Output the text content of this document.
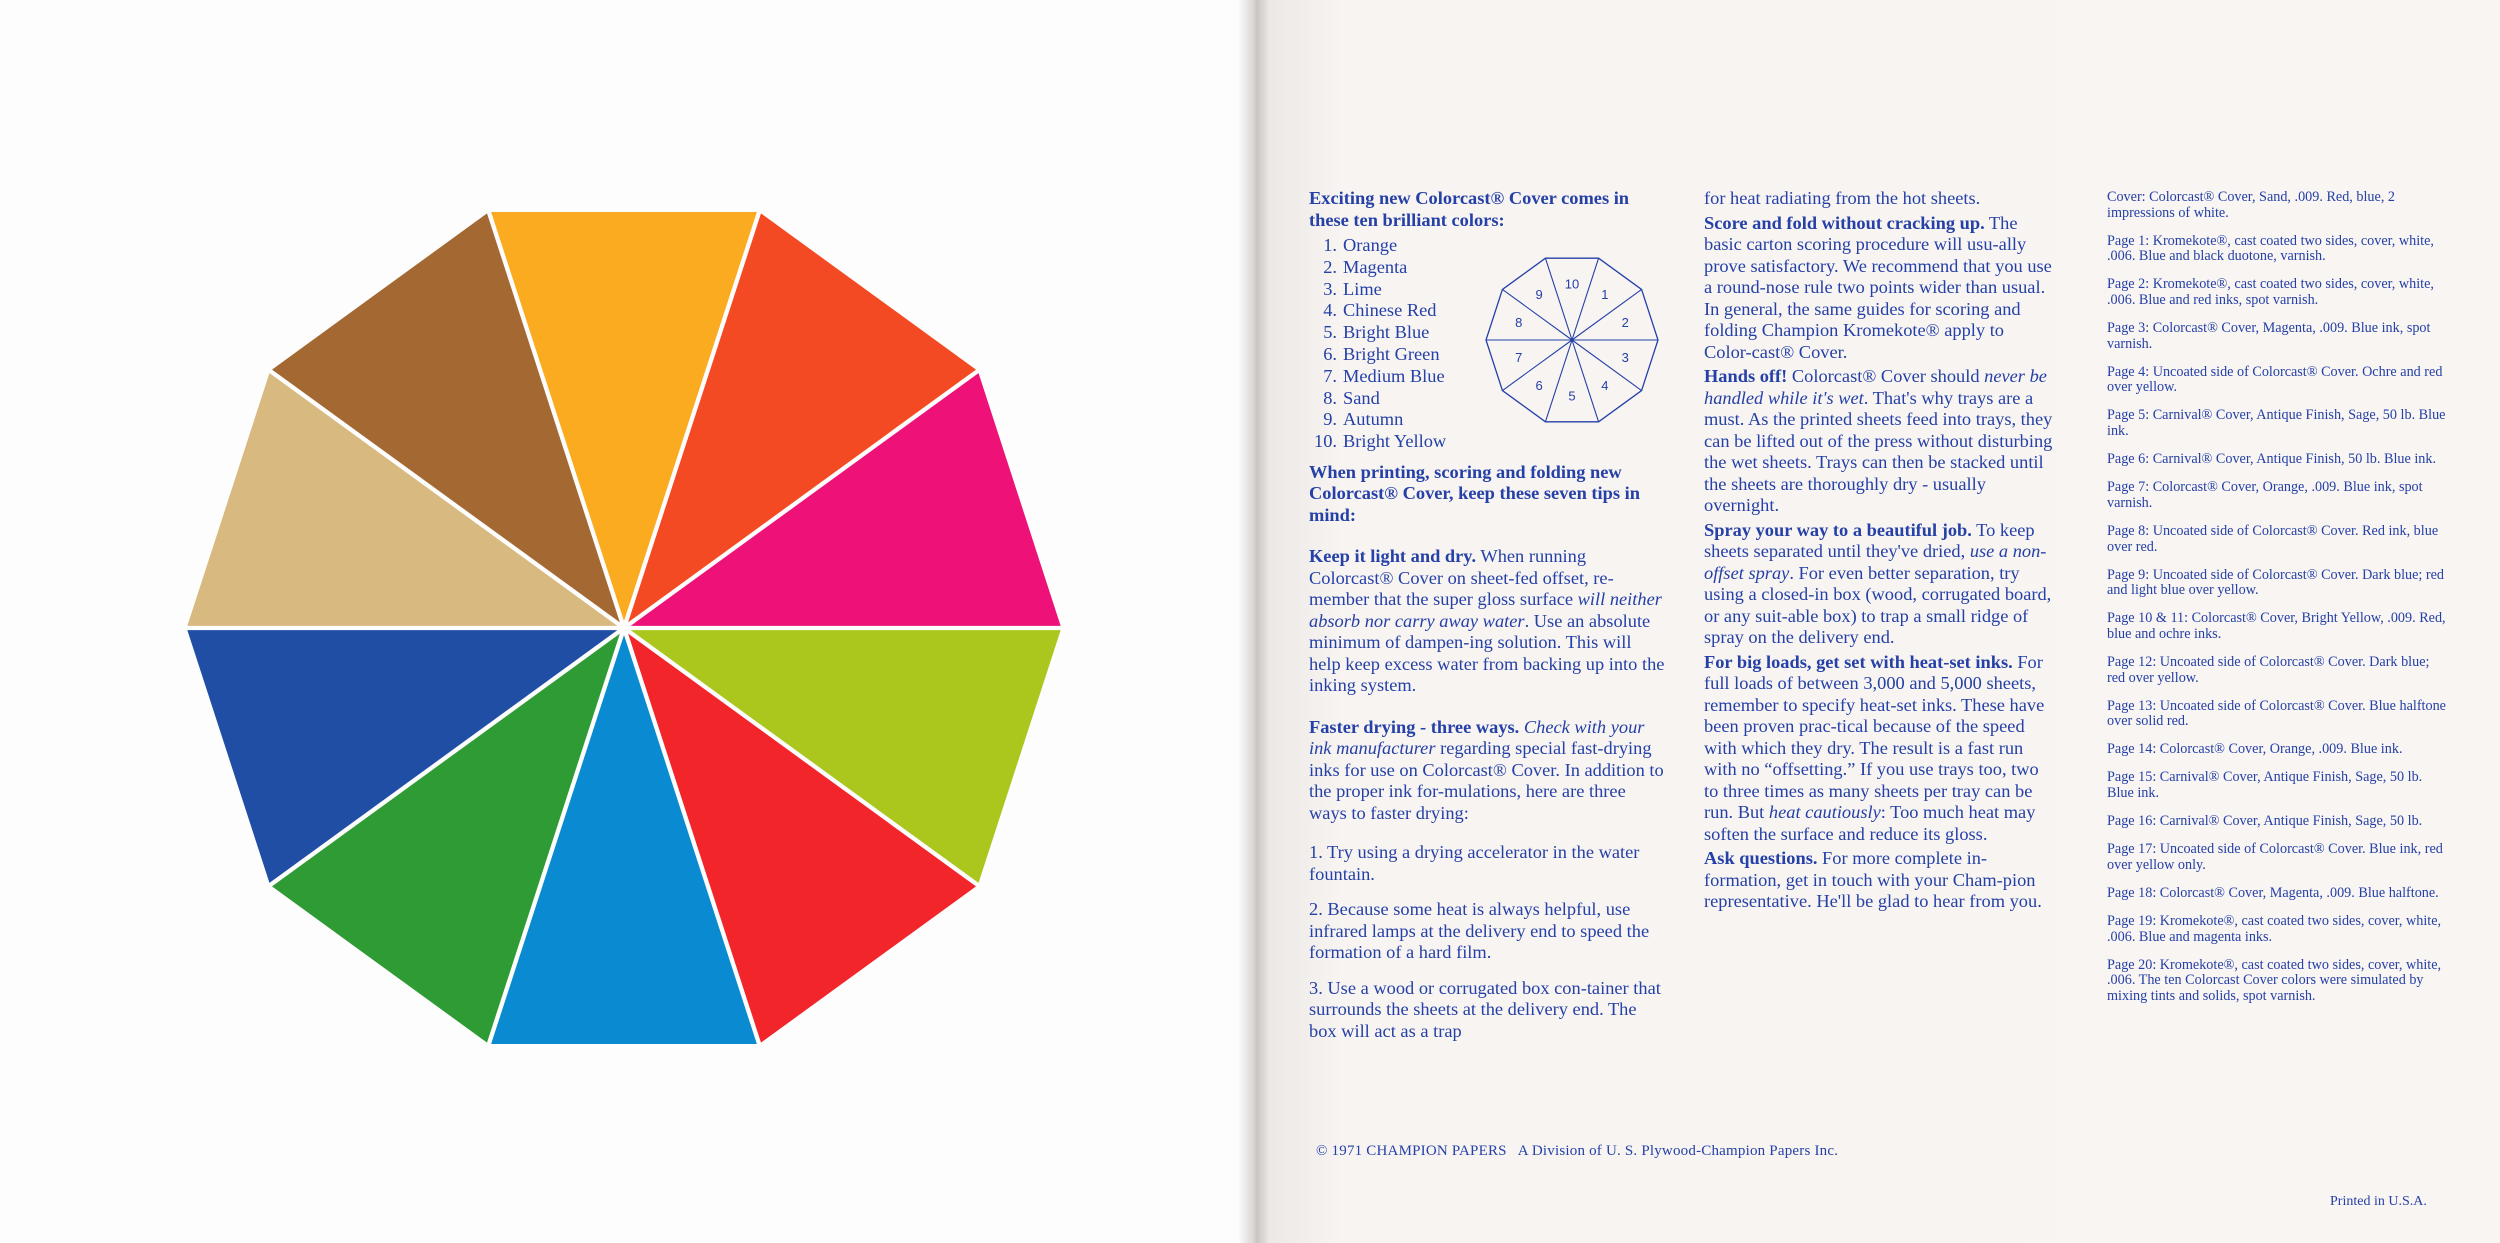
Exciting new Colorcast® Cover comes in these ten brilliant colors:

1. Orange
2. Magenta
3. Lime
4. Chinese Red
5. Bright Blue
6. Bright Green
7. Medium Blue
8. Sand
9. Autumn
10. Bright Yellow

When printing, scoring and folding new Colorcast® Cover, keep these seven tips in mind:

Keep it light and dry. When running Colorcast® Cover on sheet-fed offset, re-member that the super gloss surface will neither absorb nor carry away water. Use an absolute minimum of dampen-ing solution. This will help keep excess water from backing up into the inking system.

Faster drying - three ways. Check with your ink manufacturer regarding special fast-drying inks for use on Colorcast® Cover. In addition to the proper ink for-mulations, here are three ways to faster drying:

1. Try using a drying accelerator in the water fountain.

2. Because some heat is always helpful, use infrared lamps at the delivery end to speed the formation of a hard film.

3. Use a wood or corrugated box con-tainer that surrounds the sheets at the delivery end. The box will act as a trap

1
2
3
4
5
6
7
8
9
10

for heat radiating from the hot sheets.

Score and fold without cracking up. The basic carton scoring procedure will usu-ally prove satisfactory. We recommend that you use a round-nose rule two points wider than usual. In general, the same guides for scoring and folding Champion Kromekote® apply to Color-cast® Cover.

Hands off! Colorcast® Cover should never be handled while it's wet. That's why trays are a must. As the printed sheets feed into trays, they can be lifted out of the press without disturbing the wet sheets. Trays can then be stacked until the sheets are thoroughly dry - usually overnight.

Spray your way to a beautiful job. To keep sheets separated until they've dried, use a non-offset spray. For even better separation, try using a closed-in box (wood, corrugated board, or any suit-able box) to trap a small ridge of spray on the delivery end.

For big loads, get set with heat-set inks. For full loads of between 3,000 and 5,000 sheets, remember to specify heat-set inks. These have been proven prac-tical because of the speed with which they dry. The result is a fast run with no “offsetting.” If you use trays too, two to three times as many sheets per tray can be run. But heat cautiously: Too much heat may soften the surface and reduce its gloss.

Ask questions. For more complete in-formation, get in touch with your Cham-pion representative. He'll be glad to hear from you.

Cover: Colorcast® Cover, Sand, .009. Red, blue, 2 impressions of white.

Page 1: Kromekote®, cast coated two sides, cover, white, .006. Blue and black duotone, varnish.

Page 2: Kromekote®, cast coated two sides, cover, white, .006. Blue and red inks, spot varnish.

Page 3: Colorcast® Cover, Magenta, .009. Blue ink, spot varnish.

Page 4: Uncoated side of Colorcast® Cover. Ochre and red over yellow.

Page 5: Carnival® Cover, Antique Finish, Sage, 50 lb. Blue ink.

Page 6: Carnival® Cover, Antique Finish, 50 lb. Blue ink.

Page 7: Colorcast® Cover, Orange, .009. Blue ink, spot varnish.

Page 8: Uncoated side of Colorcast® Cover. Red ink, blue over red.

Page 9: Uncoated side of Colorcast® Cover. Dark blue; red and light blue over yellow.

Page 10 & 11: Colorcast® Cover, Bright Yellow, .009. Red, blue and ochre inks.

Page 12: Uncoated side of Colorcast® Cover. Dark blue; red over yellow.

Page 13: Uncoated side of Colorcast® Cover. Blue halftone over solid red.

Page 14: Colorcast® Cover, Orange, .009. Blue ink.

Page 15: Carnival® Cover, Antique Finish, Sage, 50 lb. Blue ink.

Page 16: Carnival® Cover, Antique Finish, Sage, 50 lb.

Page 17: Uncoated side of Colorcast® Cover. Blue ink, red over yellow only.

Page 18: Colorcast® Cover, Magenta, .009. Blue halftone.

Page 19: Kromekote®, cast coated two sides, cover, white, .006. Blue and magenta inks.

Page 20: Kromekote®, cast coated two sides, cover, white, .006. The ten Colorcast Cover colors were simulated by mixing tints and solids, spot varnish.

© 1971 CHAMPION PAPERS   A Division of U. S. Plywood-Champion Papers Inc.
Printed in U.S.A.
